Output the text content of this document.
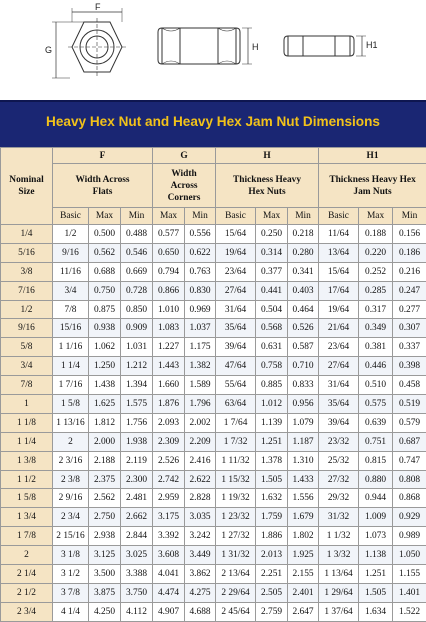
F
G	H	H1
Heavy Hex Nut and Heavy Hex Jam Nut Dimensions
Nominal Size	F			G		H			H1		
	Width Across Flats			Width Across Corners		Thickness Heavy Hex Nuts			Thickness Heavy Hex Jam Nuts		
	Basic	Max	Min	Max	Min	Basic	Max	Min	Basic	Max	Min
1/4	1/2	0.500	0.488	0.577	0.556	15/64	0.250	0.218	11/64	0.188	0.156
5/16	9/16	0.562	0.546	0.650	0.622	19/64	0.314	0.280	13/64	0.220	0.186
3/8	11/16	0.688	0.669	0.794	0.763	23/64	0.377	0.341	15/64	0.252	0.216
7/16	3/4	0.750	0.728	0.866	0.830	27/64	0.441	0.403	17/64	0.285	0.247
1/2	7/8	0.875	0.850	1.010	0.969	31/64	0.504	0.464	19/64	0.317	0.277
9/16	15/16	0.938	0.909	1.083	1.037	35/64	0.568	0.526	21/64	0.349	0.307
5/8	1 1/16	1.062	1.031	1.227	1.175	39/64	0.631	0.587	23/64	0.381	0.337
3/4	1 1/4	1.250	1.212	1.443	1.382	47/64	0.758	0.710	27/64	0.446	0.398
7/8	1 7/16	1.438	1.394	1.660	1.589	55/64	0.885	0.833	31/64	0.510	0.458
1	1 5/8	1.625	1.575	1.876	1.796	63/64	1.012	0.956	35/64	0.575	0.519
1 1/8	1 13/16	1.812	1.756	2.093	2.002	1 7/64	1.139	1.079	39/64	0.639	0.579
1 1/4	2	2.000	1.938	2.309	2.209	1 7/32	1.251	1.187	23/32	0.751	0.687
1 3/8	2 3/16	2.188	2.119	2.526	2.416	1 11/32	1.378	1.310	25/32	0.815	0.747
1 1/2	2 3/8	2.375	2.300	2.742	2.622	1 15/32	1.505	1.433	27/32	0.880	0.808
1 5/8	2 9/16	2.562	2.481	2.959	2.828	1 19/32	1.632	1.556	29/32	0.944	0.868
1 3/4	2 3/4	2.750	2.662	3.175	3.035	1 23/32	1.759	1.679	31/32	1.009	0.929
1 7/8	2 15/16	2.938	2.844	3.392	3.242	1 27/32	1.886	1.802	1 1/32	1.073	0.989
2	3 1/8	3.125	3.025	3.608	3.449	1 31/32	2.013	1.925	1 3/32	1.138	1.050
2 1/4	3 1/2	3.500	3.388	4.041	3.862	2 13/64	2.251	2.155	1 13/64	1.251	1.155
2 1/2	3 7/8	3.875	3.750	4.474	4.275	2 29/64	2.505	2.401	1 29/64	1.505	1.401
2 3/4	4 1/4	4.250	4.112	4.907	4.688	2 45/64	2.759	2.647	1 37/64	1.634	1.522
